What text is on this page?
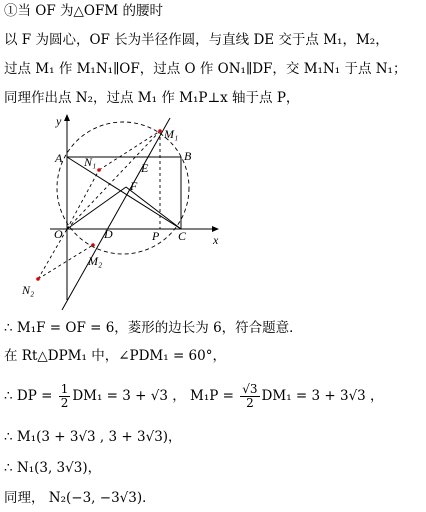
①当 OF 为△OFM 的腰时
以 F 为圆心，OF 长为半径作圆，与直线 DE 交于点 M₁，M₂，
过点 M₁ 作 M₁N₁∥OF，过点 O 作 ON₁∥DF，交 M₁N₁ 于点 N₁；
同理作出点 N₂，过点 M₁ 作 M₁P⊥x 轴于点 P，
y
x
A	B
N₁	E
M₁
F
O	D	P C
M₂
N₂
∴ M₁F = OF = 6，菱形的边长为 6，符合题意．
在 Rt△DPM₁ 中，∠PDM₁ = 60°，
∴ DP = $\frac{1}{2} DM_1 = 3 + √3$ ， $M_1P = \frac{√3}{2} DM_1 = 3 + 3√3$ ，
∴ M₁(3 + 3√3 , 3 + 3√3)，
∴ N₁(3, 3√3)，
同理， N₂(−3, −3√3)．
